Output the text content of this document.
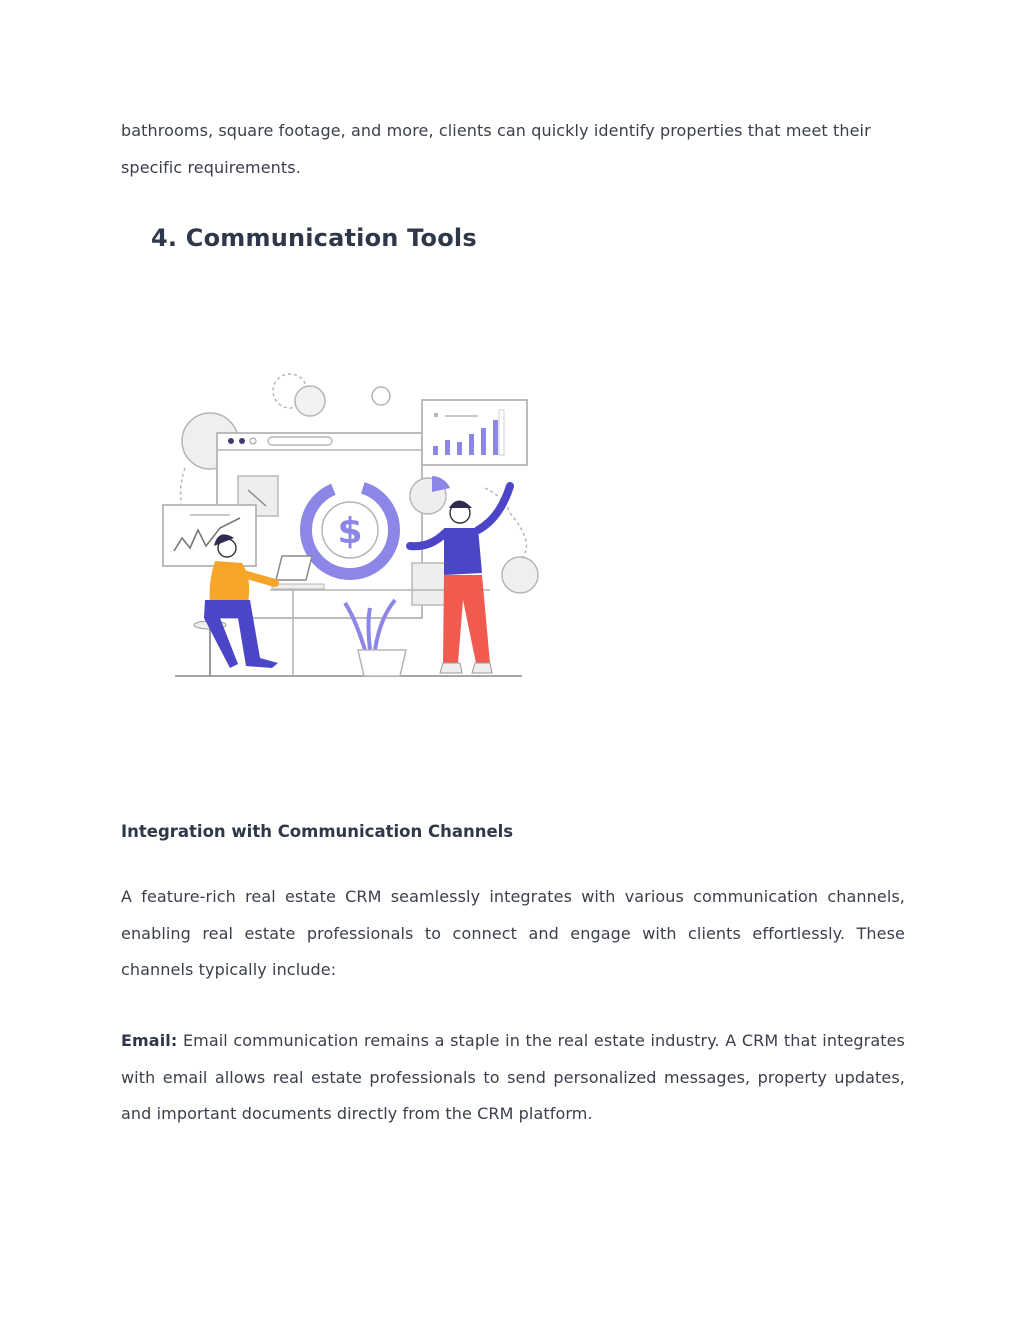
bathrooms, square footage, and more, clients can quickly identify properties that meet their specific requirements.

4. Communication Tools
$
Integration with Communication Channels

A feature-rich real estate CRM seamlessly integrates with various communication channels, enabling real estate professionals to connect and engage with clients effortlessly. These channels typically include:

Email: Email communication remains a staple in the real estate industry. A CRM that integrates with email allows real estate professionals to send personalized messages, property updates, and important documents directly from the CRM platform.
